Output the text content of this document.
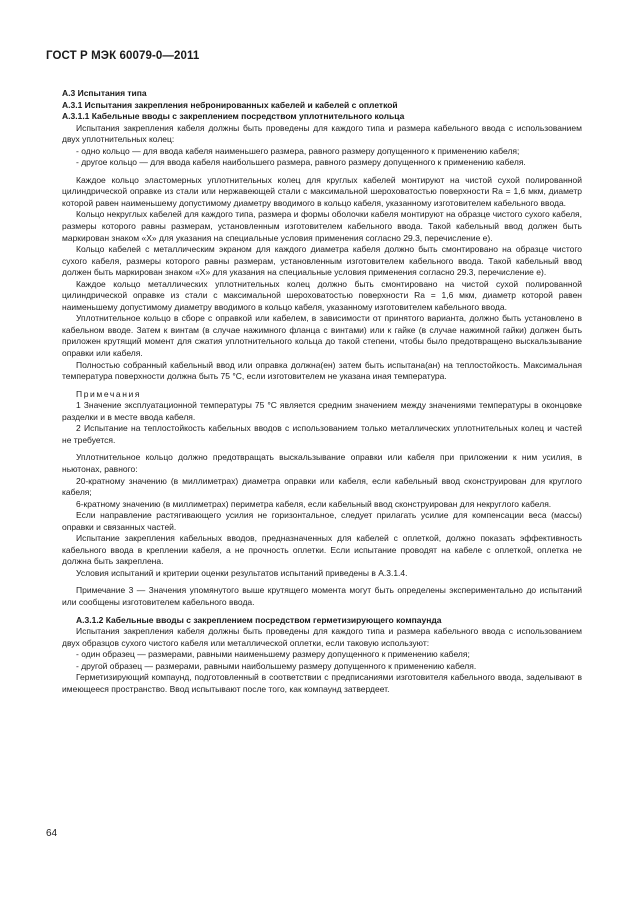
ГОСТ Р МЭК 60079-0—2011

А.3 Испытания типа

А.3.1 Испытания закрепления небронированных кабелей и кабелей с оплеткой

А.3.1.1 Кабельные вводы с закреплением посредством уплотнительного кольца

Испытания закрепления кабеля должны быть проведены для каждого типа и размера кабельного ввода с использованием двух уплотнительных колец:

- одно кольцо — для ввода кабеля наименьшего размера, равного размеру допущенного к применению кабеля;

- другое кольцо — для ввода кабеля наибольшего размера, равного размеру допущенного к применению кабеля.

Каждое кольцо эластомерных уплотнительных колец для круглых кабелей монтируют на чистой сухой полированной цилиндрической оправке из стали или нержавеющей стали с максимальной шероховатостью поверхности Ra = 1,6 мкм, диаметр которой равен наименьшему допустимому диаметру вводимого в кольцо кабеля, указанному изготовителем кабельного ввода.

Кольцо некруглых кабелей для каждого типа, размера и формы оболочки кабеля монтируют на образце чистого сухого кабеля, размеры которого равны размерам, установленным изготовителем кабельного ввода. Такой кабельный ввод должен быть маркирован знаком «Х» для указания на специальные условия применения согласно 29.3, перечисление е).

Кольцо кабелей с металлическим экраном для каждого диаметра кабеля должно быть смонтировано на образце чистого сухого кабеля, размеры которого равны размерам, установленным изготовителем кабельного ввода. Такой кабельный ввод должен быть маркирован знаком «Х» для указания на специальные условия применения согласно 29.3, перечисление е).

Каждое кольцо металлических уплотнительных колец должно быть смонтировано на чистой сухой полированной цилиндрической оправке из стали с максимальной шероховатостью поверхности Ra = 1,6 мкм, диаметр которой равен наименьшему допустимому диаметру вводимого в кольцо кабеля, указанному изготовителем кабельного ввода.

Уплотнительное кольцо в сборе с оправкой или кабелем, в зависимости от принятого варианта, должно быть установлено в кабельном вводе. Затем к винтам (в случае нажимного фланца с винтами) или к гайке (в случае нажимной гайки) должен быть приложен крутящий момент для сжатия уплотнительного кольца до такой степени, чтобы было предотвращено выскальзывание оправки или кабеля.

Полностью собранный кабельный ввод или оправка должна(ен) затем быть испытана(ан) на теплостойкость. Максимальная температура поверхности должна быть 75 °С, если изготовителем не указана иная температура.

Примечания

1 Значение эксплуатационной температуры 75 °С является средним значением между значениями температуры в оконцовке разделки и в месте ввода кабеля.

2 Испытание на теплостойкость кабельных вводов с использованием только металлических уплотнительных колец и частей не требуется.

Уплотнительное кольцо должно предотвращать выскальзывание оправки или кабеля при приложении к ним усилия, в ньютонах, равного:

20-кратному значению (в миллиметрах) диаметра оправки или кабеля, если кабельный ввод сконструирован для круглого кабеля;

6-кратному значению (в миллиметрах) периметра кабеля, если кабельный ввод сконструирован для некруглого кабеля.

Если направление растягивающего усилия не горизонтальное, следует прилагать усилие для компенсации веса (массы) оправки и связанных частей.

Испытание закрепления кабельных вводов, предназначенных для кабелей с оплеткой, должно показать эффективность кабельного ввода в креплении кабеля, а не прочность оплетки. Если испытание проводят на кабеле с оплеткой, оплетка не должна быть закреплена.

Условия испытаний и критерии оценки результатов испытаний приведены в А.3.1.4.

Примечание 3 — Значения упомянутого выше крутящего момента могут быть определены экспериментально до испытаний или сообщены изготовителем кабельного ввода.

А.3.1.2 Кабельные вводы с закреплением посредством герметизирующего компаунда

Испытания закрепления кабеля должны быть проведены для каждого типа и размера кабельного ввода с использованием двух образцов сухого чистого кабеля или металлической оплетки, если таковую используют:

- один образец — размерами, равными наименьшему размеру допущенного к применению кабеля;

- другой образец — размерами, равными наибольшему размеру допущенного к применению кабеля.

Герметизирующий компаунд, подготовленный в соответствии с предписаниями изготовителя кабельного ввода, заделывают в имеющееся пространство. Ввод испытывают после того, как компаунд затвердеет.

64
